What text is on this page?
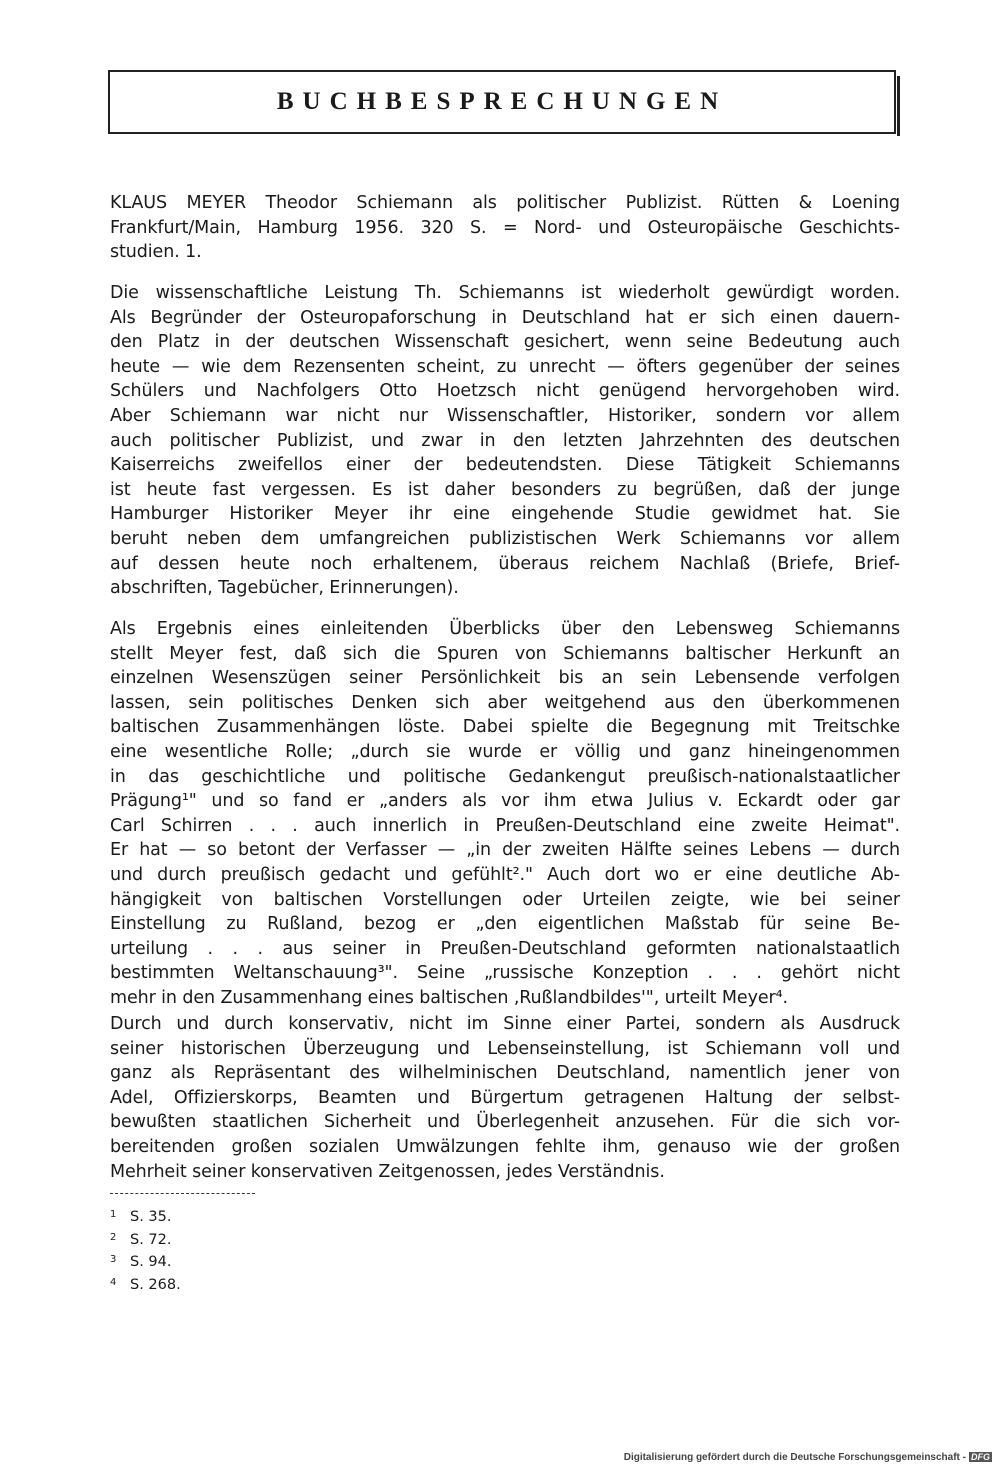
BUCHBESPRECHUNGEN
KLAUS MEYER Theodor Schiemann als politischer Publizist. Rütten & Loening
Frankfurt/Main, Hamburg 1956. 320 S. = Nord- und Osteuropäische Geschichts-
studien. 1.
Die wissenschaftliche Leistung Th. Schiemanns ist wiederholt gewürdigt worden.
Als Begründer der Osteuropaforschung in Deutschland hat er sich einen dauern-
den Platz in der deutschen Wissenschaft gesichert, wenn seine Bedeutung auch
heute — wie dem Rezensenten scheint, zu unrecht — öfters gegenüber der seines
Schülers und Nachfolgers Otto Hoetzsch nicht genügend hervorgehoben wird.
Aber Schiemann war nicht nur Wissenschaftler, Historiker, sondern vor allem
auch politischer Publizist, und zwar in den letzten Jahrzehnten des deutschen
Kaiserreichs zweifellos einer der bedeutendsten. Diese Tätigkeit Schiemanns
ist heute fast vergessen. Es ist daher besonders zu begrüßen, daß der junge
Hamburger Historiker Meyer ihr eine eingehende Studie gewidmet hat. Sie
beruht neben dem umfangreichen publizistischen Werk Schiemanns vor allem
auf dessen heute noch erhaltenem, überaus reichem Nachlaß (Briefe, Brief-
abschriften, Tagebücher, Erinnerungen).
Als Ergebnis eines einleitenden Überblicks über den Lebensweg Schiemanns
stellt Meyer fest, daß sich die Spuren von Schiemanns baltischer Herkunft an
einzelnen Wesenszügen seiner Persönlichkeit bis an sein Lebensende verfolgen
lassen, sein politisches Denken sich aber weitgehend aus den überkommenen
baltischen Zusammenhängen löste. Dabei spielte die Begegnung mit Treitschke
eine wesentliche Rolle; „durch sie wurde er völlig und ganz hineingenommen
in das geschichtliche und politische Gedankengut preußisch-nationalstaatlicher
Prägung¹" und so fand er „anders als vor ihm etwa Julius v. Eckardt oder gar
Carl Schirren . . . auch innerlich in Preußen-Deutschland eine zweite Heimat".
Er hat — so betont der Verfasser — „in der zweiten Hälfte seines Lebens — durch
und durch preußisch gedacht und gefühlt²." Auch dort wo er eine deutliche Ab-
hängigkeit von baltischen Vorstellungen oder Urteilen zeigte, wie bei seiner
Einstellung zu Rußland, bezog er „den eigentlichen Maßstab für seine Be-
urteilung . . . aus seiner in Preußen-Deutschland geformten nationalstaatlich
bestimmten Weltanschauung³". Seine „russische Konzeption . . . gehört nicht
mehr in den Zusammenhang eines baltischen ‚Rußlandbildes'", urteilt Meyer⁴.
Durch und durch konservativ, nicht im Sinne einer Partei, sondern als Ausdruck
seiner historischen Überzeugung und Lebenseinstellung, ist Schiemann voll und
ganz als Repräsentant des wilhelminischen Deutschland, namentlich jener von
Adel, Offizierskorps, Beamten und Bürgertum getragenen Haltung der selbst-
bewußten staatlichen Sicherheit und Überlegenheit anzusehen. Für die sich vor-
bereitenden großen sozialen Umwälzungen fehlte ihm, genauso wie der großen
Mehrheit seiner konservativen Zeitgenossen, jedes Verständnis.
1 S. 35.
2 S. 72.
3 S. 94.
4 S. 268.
Digitalisierung gefördert durch die Deutsche Forschungsgemeinschaft - DFG
